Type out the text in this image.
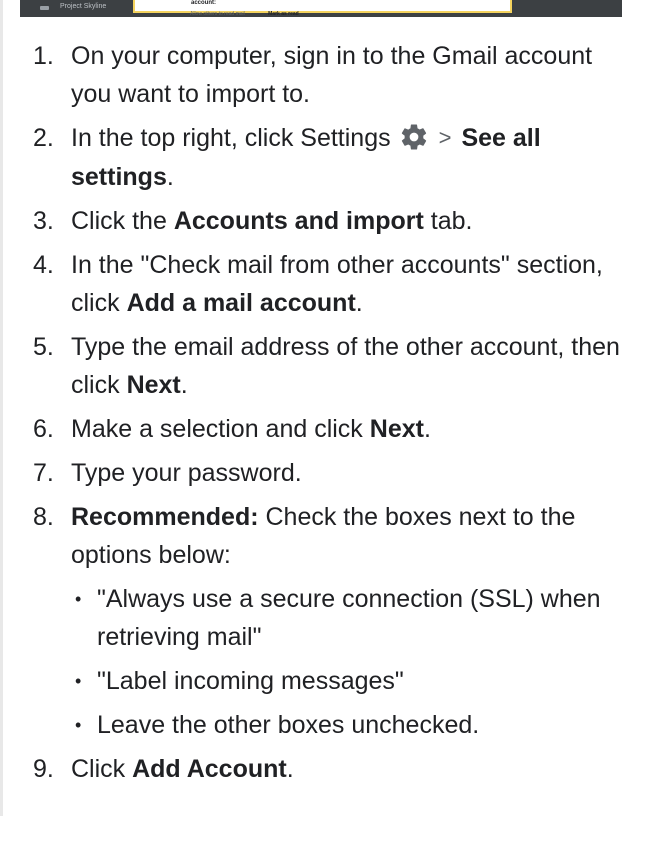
Project Skyline	account:
Allow others to read mail	Mark as read
1. On your computer, sign in to the Gmail account you want to import to.
2. In the top right, click Settings > See all settings.
3. Click the Accounts and import tab.
4. In the "Check mail from other accounts" section, click Add a mail account.
5. Type the email address of the other account, then click Next.
6. Make a selection and click Next.
7. Type your password.
8. Recommended: Check the boxes next to the options below:
• "Always use a secure connection (SSL) when retrieving mail"
• "Label incoming messages"
• Leave the other boxes unchecked.
9. Click Add Account.
